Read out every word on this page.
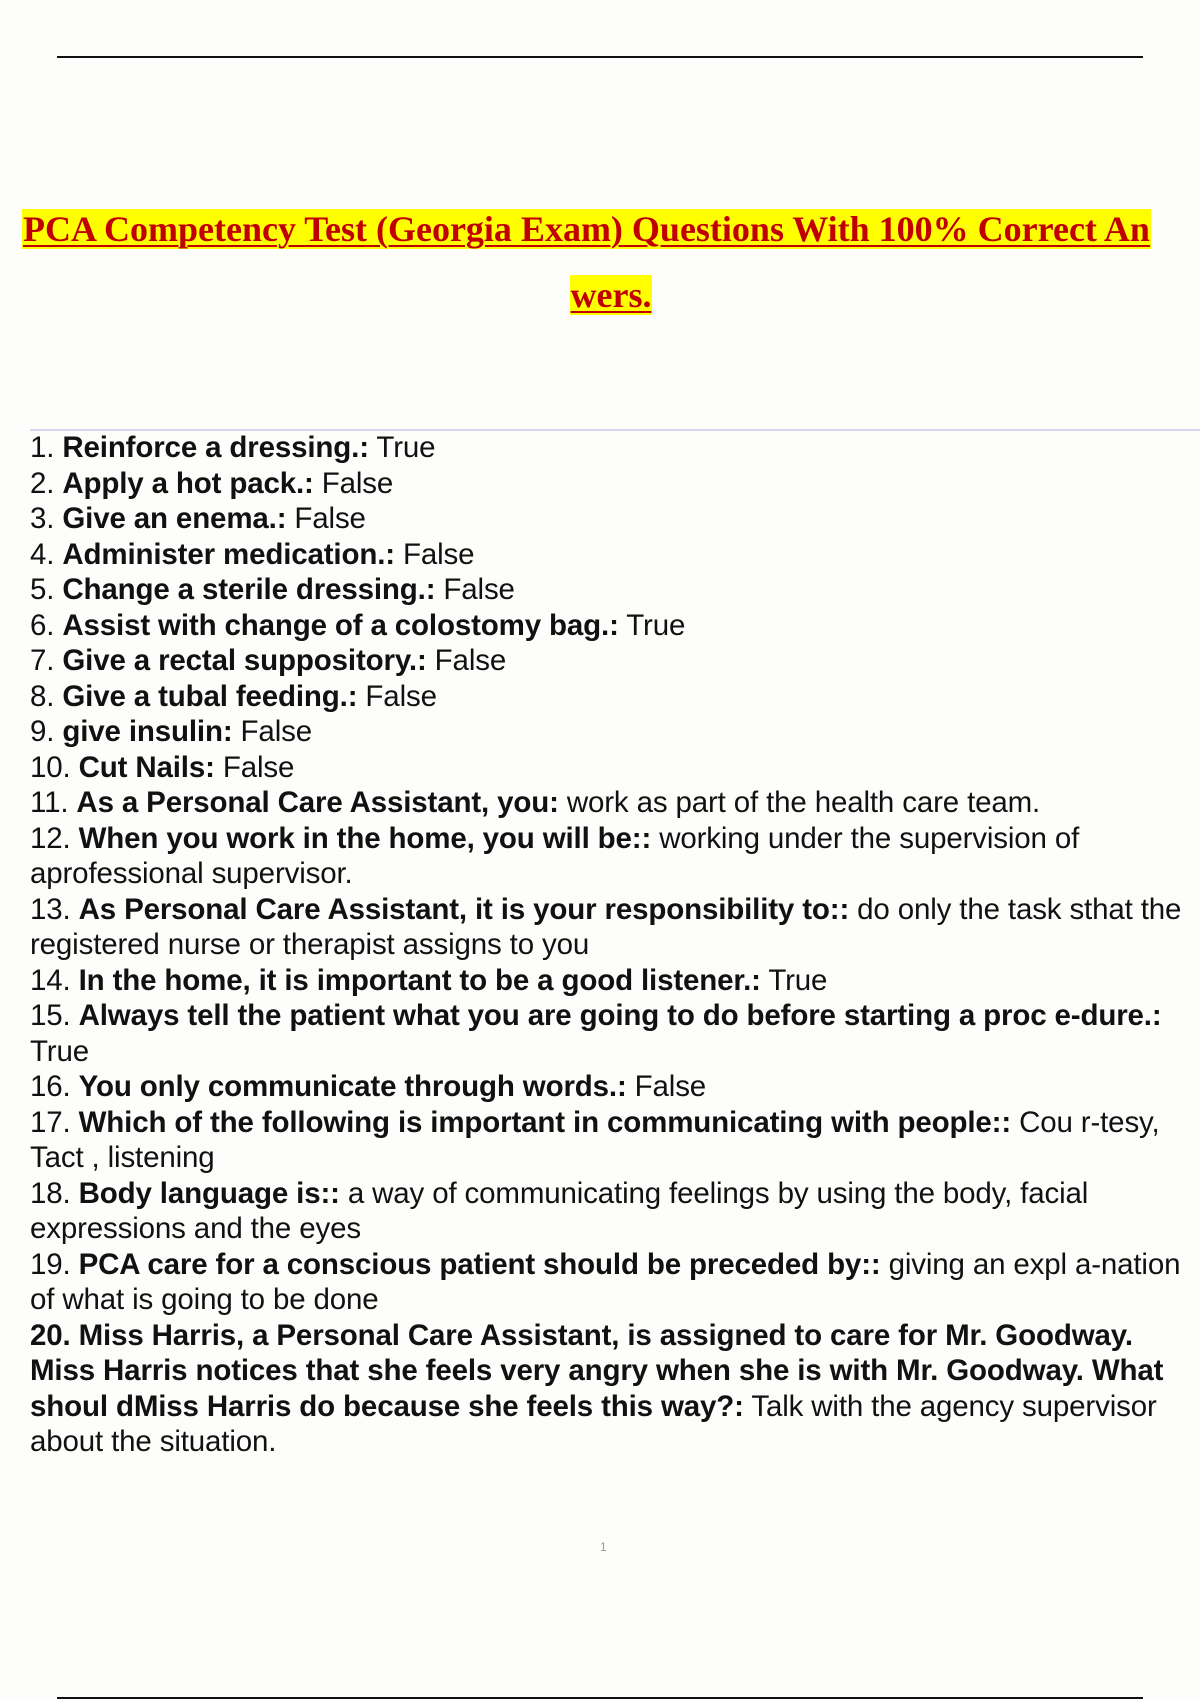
PCA Competency Test (Georgia Exam) Questions With 100% Correct An
wers.

1. Reinforce a dressing.: True

2. Apply a hot pack.: False

3. Give an enema.: False

4. Administer medication.: False

5. Change a sterile dressing.: False

6. Assist with change of a colostomy bag.: True

7. Give a rectal suppository.: False

8. Give a tubal feeding.: False

9. give insulin: False

10. Cut Nails: False

11. As a Personal Care Assistant, you: work as part of the health care team.

12. When you work in the home, you will be:: working under the supervision of aprofessional supervisor.

13. As Personal Care Assistant, it is your responsibility to:: do only the task sthat the registered nurse or therapist assigns to you

14. In the home, it is important to be a good listener.: True

15. Always tell the patient what you are going to do before starting a proc e-dure.: True

16. You only communicate through words.: False

17. Which of the following is important in communicating with people:: Cou r-tesy, Tact , listening

18. Body language is:: a way of communicating feelings by using the body, facial expressions and the eyes

19. PCA care for a conscious patient should be preceded by:: giving an expl a-nation of what is going to be done

20. Miss Harris, a Personal Care Assistant, is assigned to care for Mr. Goodway. Miss Harris notices that she feels very angry when she is with Mr. Goodway. What shoul dMiss Harris do because she feels this way?: Talk with the agency supervisor about the situation.

1
